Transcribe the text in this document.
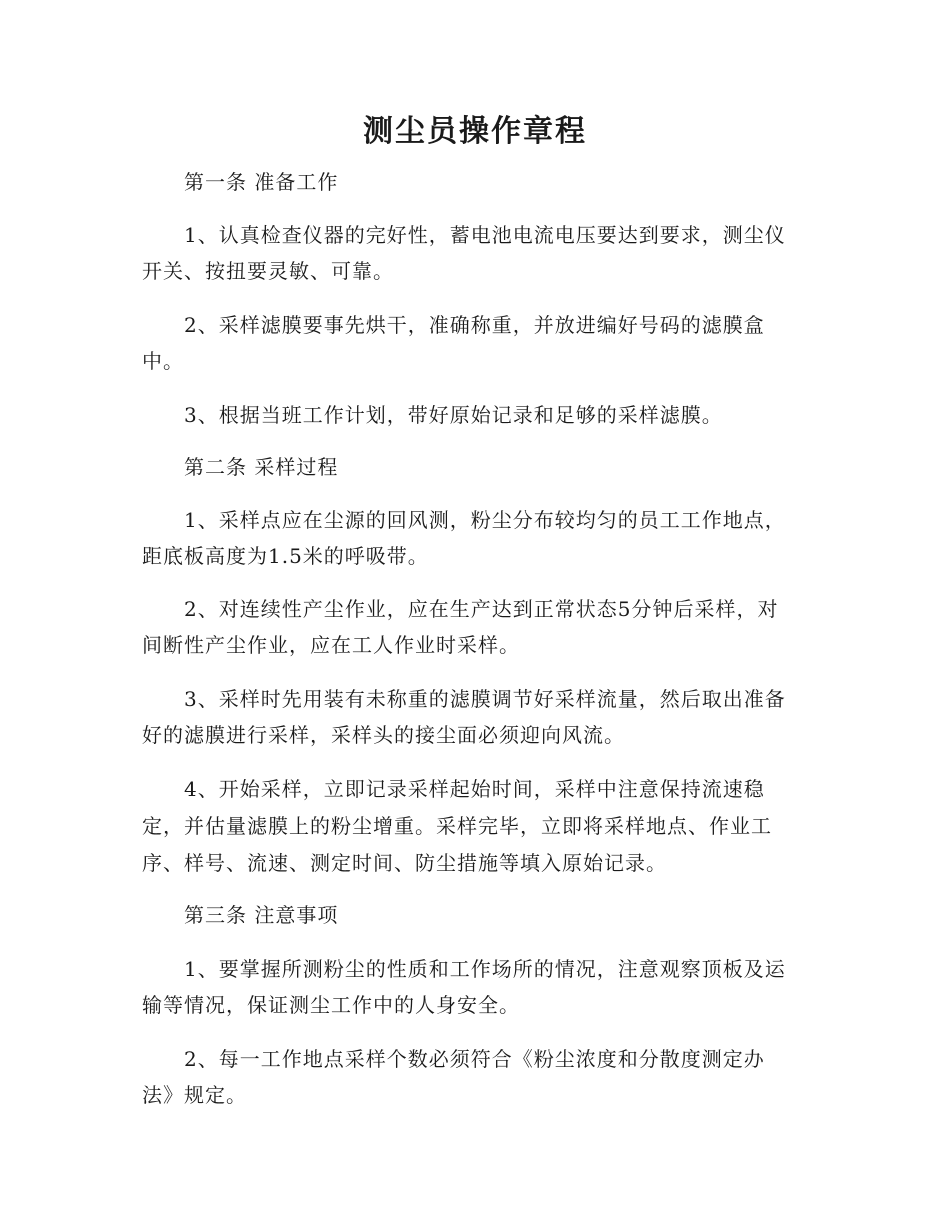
测尘员操作章程
第一条 准备工作
1、认真检查仪器的完好性，蓄电池电流电压要达到要求，测尘仪
开关、按扭要灵敏、可靠。
2、采样滤膜要事先烘干，准确称重，并放进编好号码的滤膜盒
中。
3、根据当班工作计划，带好原始记录和足够的采样滤膜。
第二条 采样过程
1、采样点应在尘源的回风测，粉尘分布较均匀的员工工作地点，
距底板高度为1.5米的呼吸带。
2、对连续性产尘作业，应在生产达到正常状态5分钟后采样，对
间断性产尘作业，应在工人作业时采样。
3、采样时先用装有未称重的滤膜调节好采样流量，然后取出准备
好的滤膜进行采样，采样头的接尘面必须迎向风流。
4、开始采样，立即记录采样起始时间，采样中注意保持流速稳
定，并估量滤膜上的粉尘增重。采样完毕，立即将采样地点、作业工
序、样号、流速、测定时间、防尘措施等填入原始记录。
第三条 注意事项
1、要掌握所测粉尘的性质和工作场所的情况，注意观察顶板及运
输等情况，保证测尘工作中的人身安全。
2、每一工作地点采样个数必须符合《粉尘浓度和分散度测定办
法》规定。
